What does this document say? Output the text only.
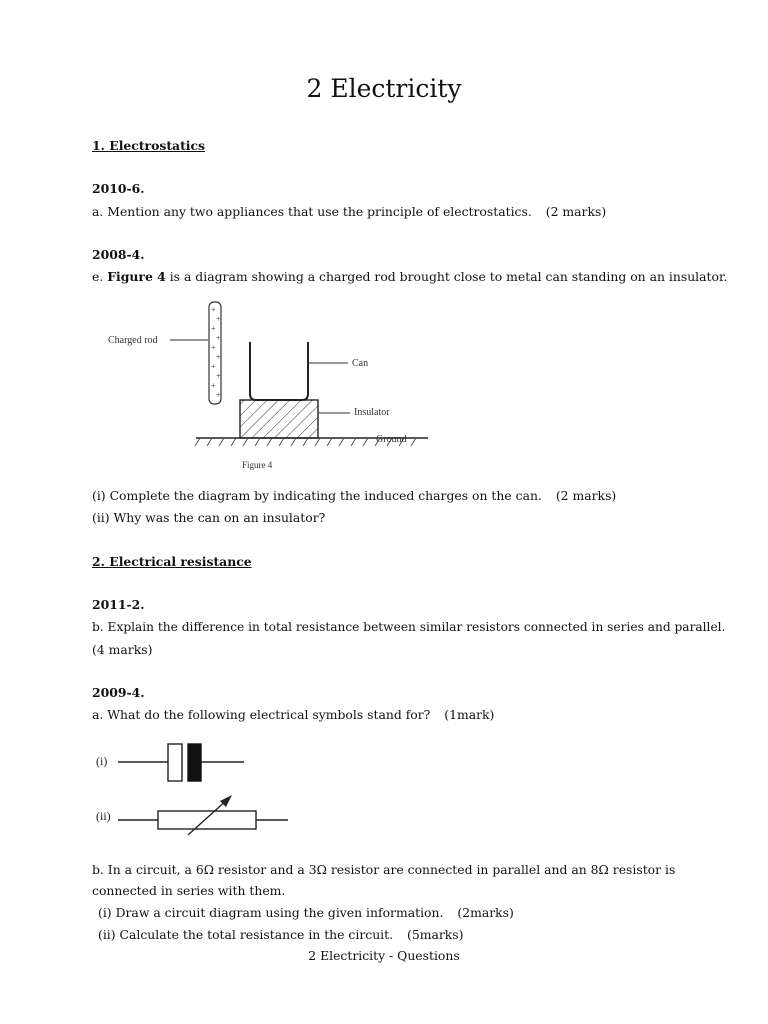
2 Electricity
1. Electrostatics
2010-6.
a. Mention any two appliances that use the principle of electrostatics. (2 marks)
2008-4.
e. Figure 4 is a diagram showing a charged rod brought close to metal can standing on an insulator.
+
+
+
+
+
+
+
+
+
+
Charged rod
Can
Insulator
Ground
Figure 4
(i) Complete the diagram by indicating the induced charges on the can. (2 marks)
(ii) Why was the can on an insulator?
2. Electrical resistance
2011-2.
b. Explain the difference in total resistance between similar resistors connected in series and parallel.
(4 marks)
2009-4.
a. What do the following electrical symbols stand for? (1mark)
(i)
(ii)
b. In a circuit, a 6Ω resistor and a 3Ω resistor are connected in parallel and an 8Ω resistor is
connected in series with them.
(i) Draw a circuit diagram using the given information. (2marks)
(ii) Calculate the total resistance in the circuit. (5marks)
2 Electricity - Questions
